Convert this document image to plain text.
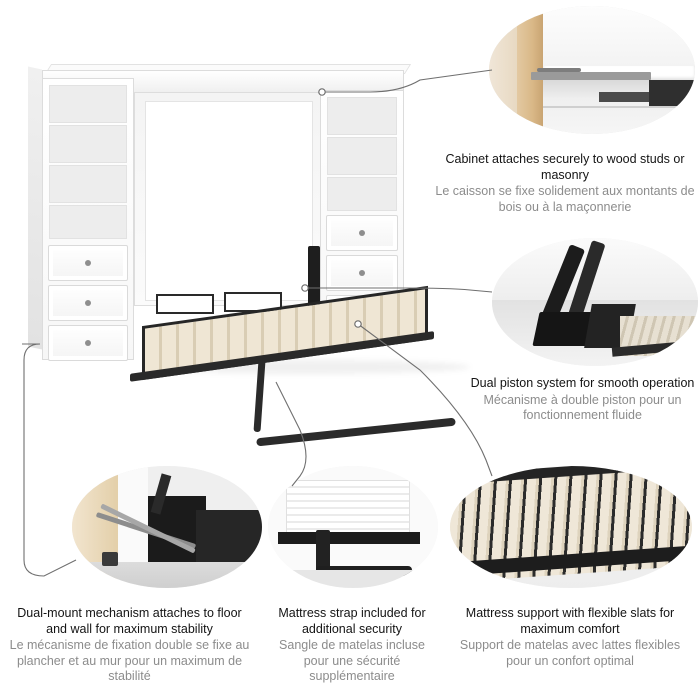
Cabinet attaches securely to wood studs or masonry
Le caisson se fixe solidement aux montants de bois ou à la maçonnerie
Dual piston system for smooth operation
Mécanisme à double piston pour un fonctionnement fluide
Dual-mount mechanism attaches to floor and wall for maximum stability
Le mécanisme de fixation double se fixe au plancher et au mur pour un maximum de stabilité
Mattress strap included for additional security
Sangle de matelas incluse pour une sécurité supplémentaire
Mattress support with flexible slats for maximum comfort
Support de matelas avec lattes flexibles pour un confort optimal
